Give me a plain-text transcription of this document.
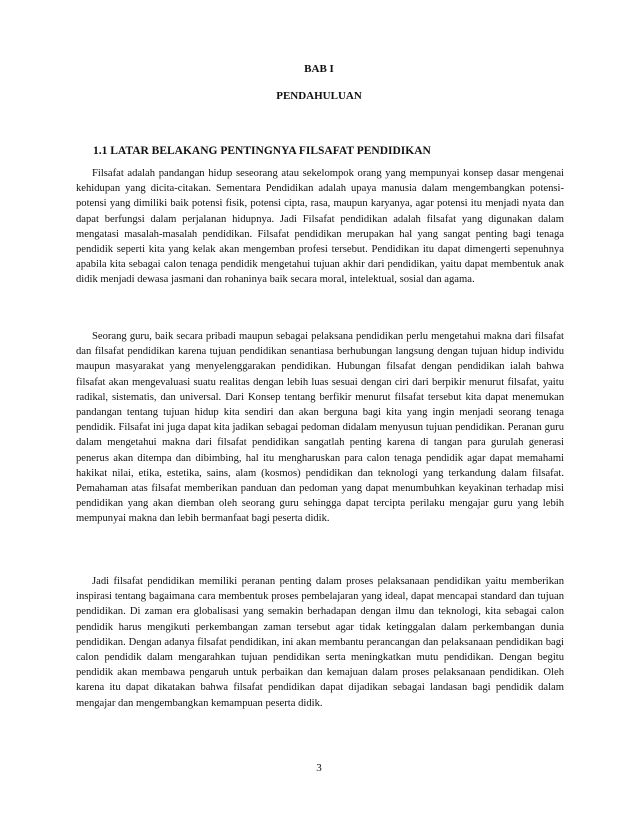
BAB I
PENDAHULUAN
1.1 LATAR BELAKANG PENTINGNYA FILSAFAT PENDIDIKAN

Filsafat adalah pandangan hidup seseorang atau sekelompok orang yang mempunyai konsep dasar mengenai kehidupan yang dicita-citakan. Sementara Pendidikan adalah upaya manusia dalam mengembangkan potensi-potensi yang dimiliki baik potensi fisik, potensi cipta, rasa, maupun karyanya, agar potensi itu menjadi nyata dan dapat berfungsi dalam perjalanan hidupnya. Jadi Filsafat pendidikan adalah filsafat yang digunakan dalam mengatasi masalah-masalah pendidikan. Filsafat pendidikan merupakan hal yang sangat penting bagi tenaga pendidik seperti kita yang kelak akan mengemban profesi tersebut. Pendidikan itu dapat dimengerti sepenuhnya apabila kita sebagai calon tenaga pendidik mengetahui tujuan akhir dari pendidikan, yaitu dapat membentuk anak didik menjadi dewasa jasmani dan rohaninya baik secara moral, intelektual, sosial dan agama.

Seorang guru, baik secara pribadi maupun sebagai pelaksana pendidikan perlu mengetahui makna dari filsafat dan filsafat pendidikan karena tujuan pendidikan senantiasa berhubungan langsung dengan tujuan hidup individu maupun masyarakat yang menyelenggarakan pendidikan. Hubungan filsafat dengan pendidikan ialah bahwa filsafat akan mengevaluasi suatu realitas dengan lebih luas sesuai dengan ciri dari berpikir menurut filsafat, yaitu radikal, sistematis, dan universal. Dari Konsep tentang berfikir menurut filsafat tersebut kita dapat menemukan pandangan tentang tujuan hidup kita sendiri dan akan berguna bagi kita yang ingin menjadi seorang tenaga pendidik. Filsafat ini juga dapat kita jadikan sebagai pedoman didalam menyusun tujuan pendidikan. Peranan guru dalam mengetahui makna dari filsafat pendidikan sangatlah penting karena di tangan para gurulah generasi penerus akan ditempa dan dibimbing, hal itu mengharuskan para calon tenaga pendidik agar dapat memahami hakikat nilai, etika, estetika, sains, alam (kosmos) pendidikan dan teknologi yang terkandung dalam filsafat. Pemahaman atas filsafat memberikan panduan dan pedoman yang dapat menumbuhkan keyakinan terhadap misi pendidikan yang akan diemban oleh seorang guru sehingga dapat tercipta perilaku mengajar guru yang lebih mempunyai makna dan lebih bermanfaat bagi peserta didik.

Jadi filsafat pendidikan memiliki peranan penting dalam proses pelaksanaan pendidikan yaitu memberikan inspirasi tentang bagaimana cara membentuk proses pembelajaran yang ideal, dapat mencapai standard dan tujuan pendidikan. Di zaman era globalisasi yang semakin berhadapan dengan ilmu dan teknologi, kita sebagai calon pendidik harus mengikuti perkembangan zaman tersebut agar tidak ketinggalan dalam perkembangan dunia pendidikan. Dengan adanya filsafat pendidikan, ini akan membantu perancangan dan pelaksanaan pendidikan bagi calon pendidik dalam mengarahkan tujuan pendidikan serta meningkatkan mutu pendidikan. Dengan begitu pendidik akan membawa pengaruh untuk perbaikan dan kemajuan dalam proses pelaksanaan pendidikan. Oleh karena itu dapat dikatakan bahwa filsafat pendidikan dapat dijadikan sebagai landasan bagi pendidik dalam mengajar dan mengembangkan kemampuan peserta didik.

3
